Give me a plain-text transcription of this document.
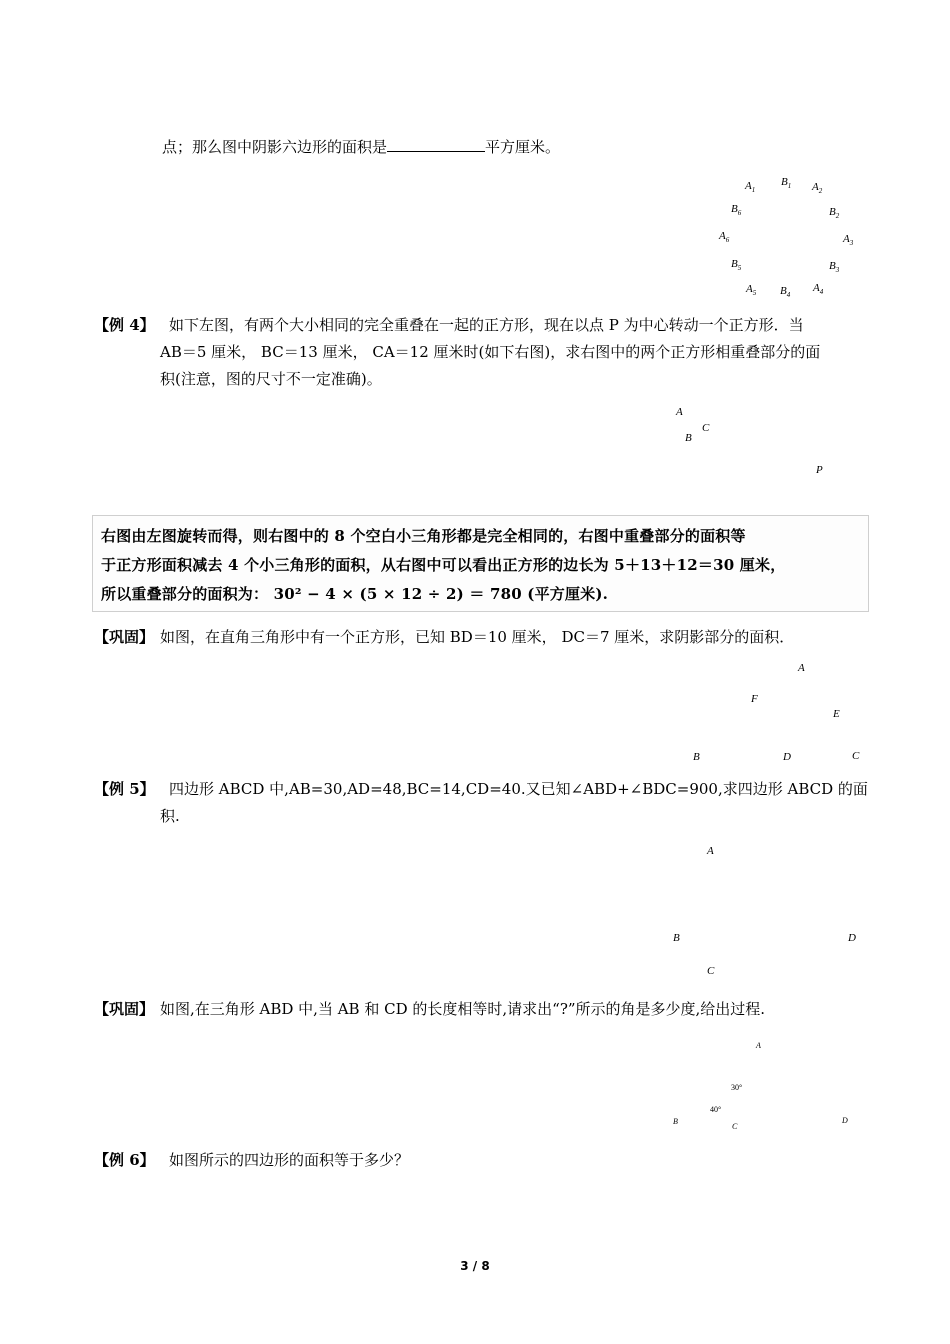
点；那么图中阴影六边形的面积是	平方厘米。
$A_1$
$B_1$ $A_2$
$B_6$	$B_2$
$A_6$	$A_3$
$B_5$	$B_3$
$A_5$ $B_4$
$A_4$
【例 4】 如下左图，有两个大小相同的完全重叠在一起的正方形，现在以点 P 为中心转动一个正方形．当
AB＝5 厘米， BC＝13 厘米， CA＝12 厘米时(如下右图)，求右图中的两个正方形相重叠部分的面
积(注意，图的尺寸不一定准确)。
A
C
B
P
右图由左图旋转而得，则右图中的 8 个空白小三角形都是完全相同的，右图中重叠部分的面积等
于正方形面积减去 4 个小三角形的面积，从右图中可以看出正方形的边长为 5＋13＋12＝30 厘米，
所以重叠部分的面积为： 30² − 4 × (5 × 12 ÷ 2) ＝ 780 (平方厘米).
【巩固】 如图，在直角三角形中有一个正方形，已知 BD＝10 厘米， DC＝7 厘米，求阴影部分的面积．
A
F
E
B	D	C
【例 5】 四边形 ABCD 中,AB=30,AD=48,BC=14,CD=40.又已知∠ABD+∠BDC=900,求四边形 ABCD 的面
积.
A
B	D
C
【巩固】 如图,在三角形 ABD 中,当 AB 和 CD 的长度相等时,请求出“?”所示的角是多少度,给出过程.
A
30°
40°
B
C
D
【例 6】 如图所示的四边形的面积等于多少？
3 / 8
